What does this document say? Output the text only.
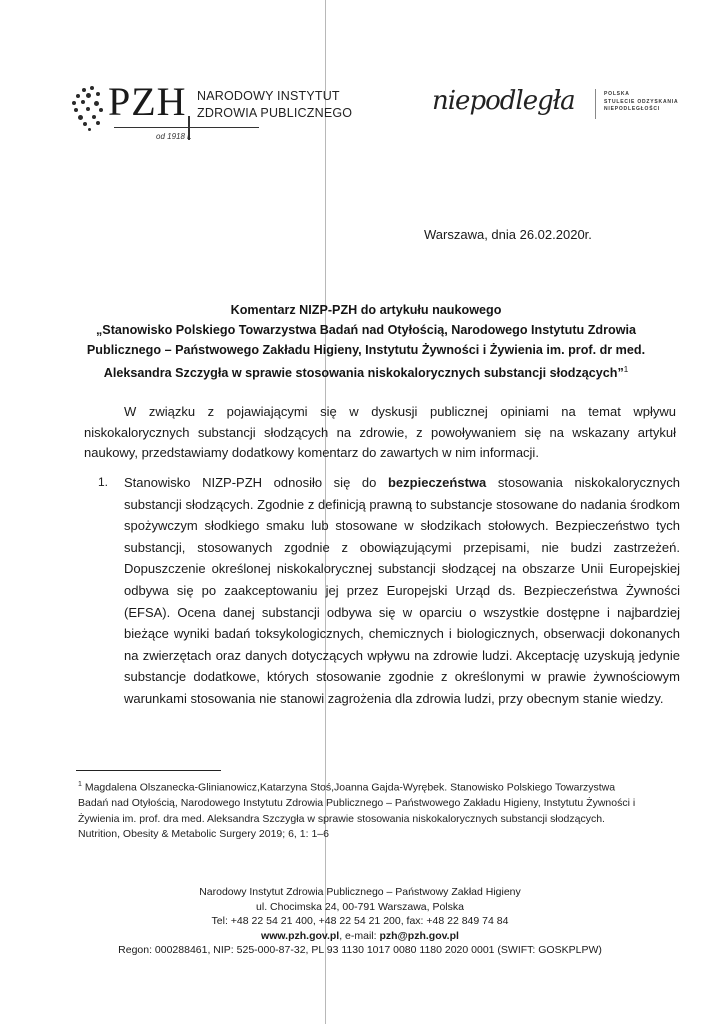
PZH
od 1918 r.
NARODOWY INSTYTUT
ZDROWIA PUBLICZNEGO	niepodległa	POLSKA
STULECIE ODZYSKANIA
NIEPODLEGŁOŚCI
Warszawa, dnia 26.02.2020r.
Komentarz NIZP-PZH do artykułu naukowego
„Stanowisko Polskiego Towarzystwa Badań nad Otyłością, Narodowego Instytutu Zdrowia Publicznego – Państwowego Zakładu Higieny, Instytutu Żywności i Żywienia im. prof. dr med. Aleksandra Szczygła w sprawie stosowania niskokalorycznych substancji słodzących”$^1$
W związku z pojawiającymi się w dyskusji publicznej opiniami na temat wpływu niskokalorycznych substancji słodzących na zdrowie, z powoływaniem się na wskazany artykuł naukowy, przedstawiamy dodatkowy komentarz do zawartych w nim informacji.
1. Stanowisko NIZP-PZH odnosiło się do bezpieczeństwa stosowania niskokalorycznych substancji słodzących. Zgodnie z definicją prawną to substancje stosowane do nadania środkom spożywczym słodkiego smaku lub stosowane w słodzikach stołowych. Bezpieczeństwo tych substancji, stosowanych zgodnie z obowiązującymi przepisami, nie budzi zastrzeżeń. Dopuszczenie określonej niskokalorycznej substancji słodzącej na obszarze Unii Europejskiej odbywa się po zaakceptowaniu jej przez Europejski Urząd ds. Bezpieczeństwa Żywności (EFSA). Ocena danej substancji odbywa się w oparciu o wszystkie dostępne i najbardziej bieżące wyniki badań toksykologicznych, chemicznych i biologicznych, obserwacji dokonanych na zwierzętach oraz danych dotyczących wpływu na zdrowie ludzi. Akceptację uzyskują jedynie substancje dodatkowe, których stosowanie zgodnie z określonymi w prawie żywnościowym warunkami stosowania nie stanowi zagrożenia dla zdrowia ludzi, przy obecnym stanie wiedzy.
$^1$ Magdalena Olszanecka-Glinianowicz,Katarzyna Stoś,Joanna Gajda-Wyrębek. Stanowisko Polskiego Towarzystwa Badań nad Otyłością, Narodowego Instytutu Zdrowia Publicznego – Państwowego Zakładu Higieny, Instytutu Żywności i Żywienia im. prof. dra med. Aleksandra Szczygła w sprawie stosowania niskokalorycznych substancji słodzących. Nutrition, Obesity & Metabolic Surgery 2019; 6, 1: 1–6
Narodowy Instytut Zdrowia Publicznego – Państwowy Zakład Higieny
ul. Chocimska 24, 00-791 Warszawa, Polska
Tel: +48 22 54 21 400, +48 22 54 21 200, fax: +48 22 849 74 84
www.pzh.gov.pl, e-mail: pzh@pzh.gov.pl
Regon: 000288461, NIP: 525-000-87-32, PL 93 1130 1017 0080 1180 2020 0001 (SWIFT: GOSKPLPW)
